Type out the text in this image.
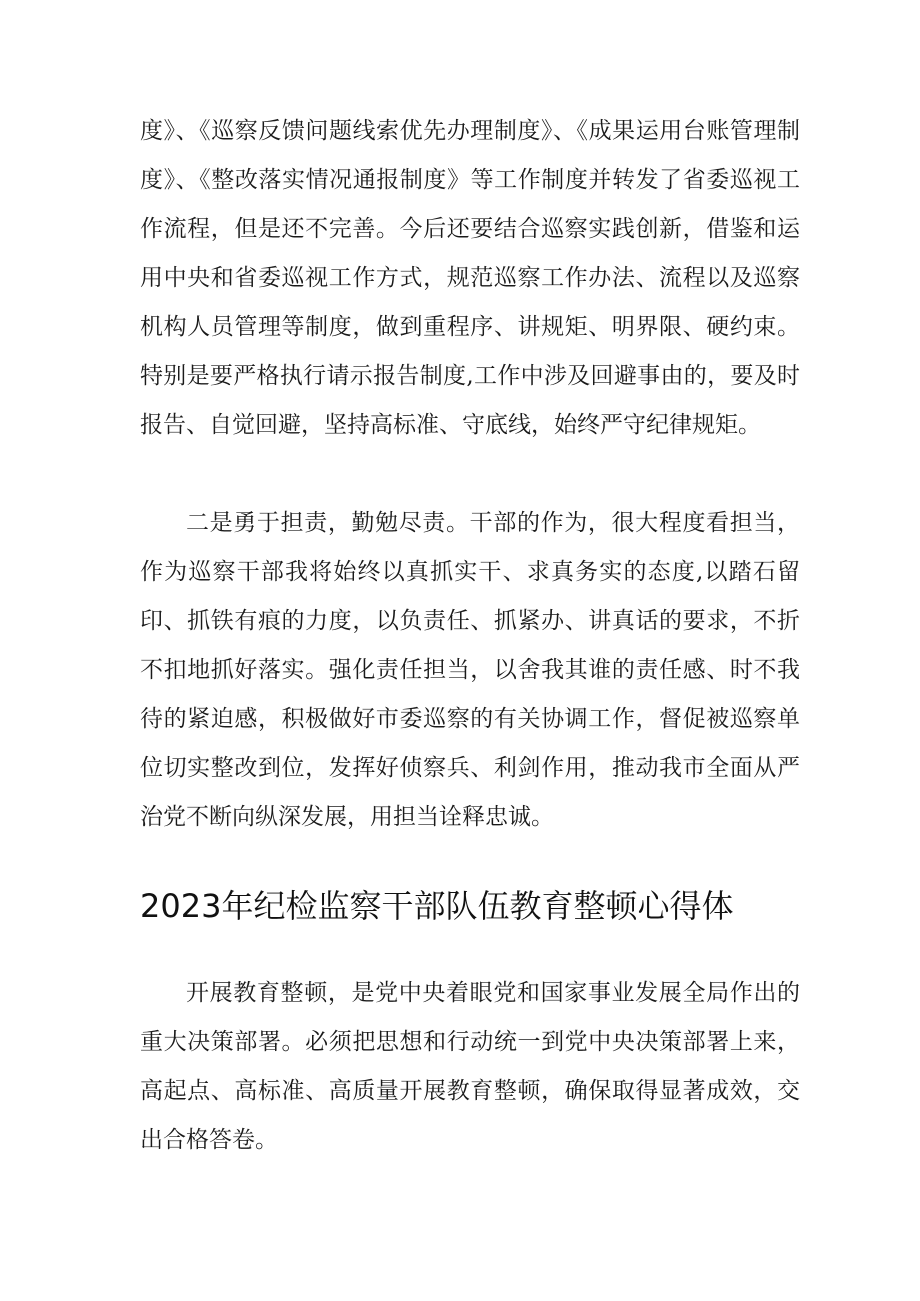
度》、《巡察反馈问题线索优先办理制度》、《成果运用台账管理制度》、《整改落实情况通报制度》等工作制度并转发了省委巡视工作流程，但是还不完善。今后还要结合巡察实践创新，借鉴和运用中央和省委巡视工作方式，规范巡察工作办法、流程以及巡察机构人员管理等制度，做到重程序、讲规矩、明界限、硬约束。特别是要严格执行请示报告制度,工作中涉及回避事由的，要及时报告、自觉回避，坚持高标准、守底线，始终严守纪律规矩。

二是勇于担责，勤勉尽责。干部的作为，很大程度看担当，作为巡察干部我将始终以真抓实干、求真务实的态度,以踏石留印、抓铁有痕的力度，以负责任、抓紧办、讲真话的要求，不折不扣地抓好落实。强化责任担当，以舍我其谁的责任感、时不我待的紧迫感，积极做好市委巡察的有关协调工作，督促被巡察单位切实整改到位，发挥好侦察兵、利剑作用，推动我市全面从严治党不断向纵深发展，用担当诠释忠诚。

2023年纪检监察干部队伍教育整顿心得体

开展教育整顿，是党中央着眼党和国家事业发展全局作出的重大决策部署。必须把思想和行动统一到党中央决策部署上来，高起点、高标准、高质量开展教育整顿，确保取得显著成效，交出合格答卷。
